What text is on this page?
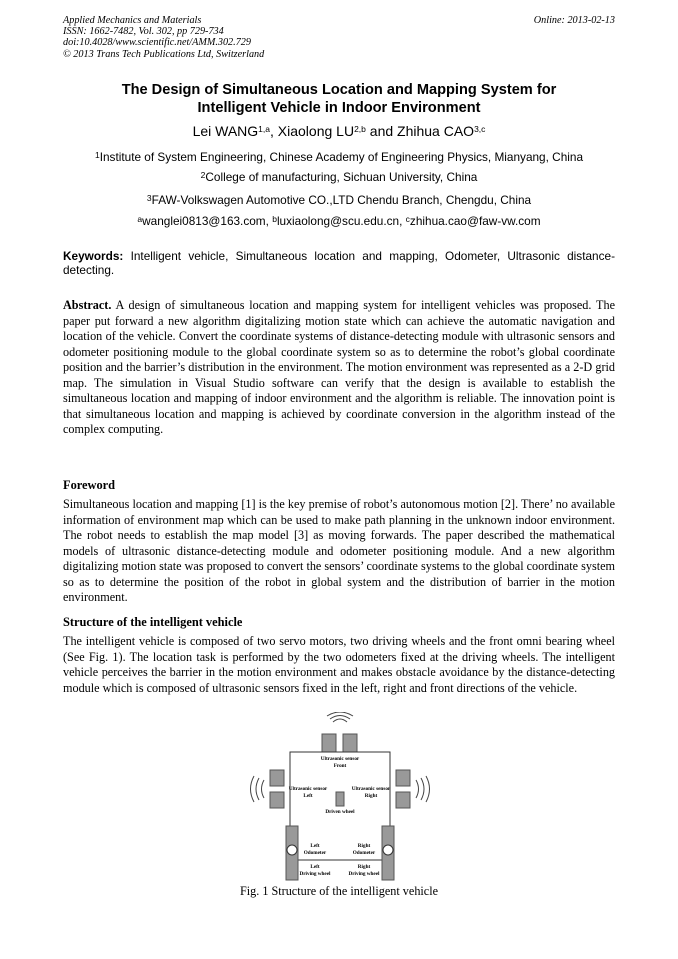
Applied Mechanics and Materials
ISSN: 1662-7482, Vol. 302, pp 729-734
doi:10.4028/www.scientific.net/AMM.302.729
© 2013 Trans Tech Publications Ltd, Switzerland
Online: 2013-02-13
The Design of Simultaneous Location and Mapping System for
Intelligent Vehicle in Indoor Environment
Lei WANG$^{1,a}$, Xiaolong LU$^{2,b}$ and Zhihua CAO$^{3,c}$
$^1$Institute of System Engineering, Chinese Academy of Engineering Physics, Mianyang, China
$^2$College of manufacturing, Sichuan University, China
$^3$FAW-Volkswagen Automotive CO.,LTD Chendu Branch, Chengdu, China
$^a$wanglei0813@163.com, $^b$luxiaolong@scu.edu.cn, $^c$zhihua.cao@faw-vw.com
Keywords: Intelligent vehicle, Simultaneous location and mapping, Odometer, Ultrasonic distance-detecting.
Abstract. A design of simultaneous location and mapping system for intelligent vehicles was proposed. The paper put forward a new algorithm digitalizing motion state which can achieve the automatic navigation and location of the vehicle. Convert the coordinate systems of distance-detecting module with ultrasonic sensors and odometer positioning module to the global coordinate system so as to determine the robot’s global coordinate position and the barrier’s distribution in the environment. The motion environment was represented as a 2-D grid map. The simulation in Visual Studio software can verify that the design is available to establish the simultaneous location and mapping of indoor environment and the algorithm is reliable. The innovation point is that simultaneous location and mapping is achieved by coordinate conversion in the algorithm instead of the complex computing.
Foreword
Simultaneous location and mapping [1] is the key premise of robot’s autonomous motion [2]. There’ no available information of environment map which can be used to make path planning in the unknown indoor environment. The robot needs to establish the map model [3] as moving forwards. The paper described the mathematical models of ultrasonic distance-detecting module and odometer positioning module. And a new algorithm digitalizing motion state was proposed to convert the sensors’ coordinate systems to the global coordinate system so as to determine the position of the robot in global system and the distribution of barrier in the motion environment.
Structure of the intelligent vehicle
The intelligent vehicle is composed of two servo motors, two driving wheels and the front omni bearing wheel (See Fig. 1). The location task is performed by the two odometers fixed at the driving wheels. The intelligent vehicle perceives the barrier in the motion environment and makes obstacle avoidance by the distance-detecting module which is composed of ultrasonic sensors fixed in the left, right and front directions of the vehicle.
Ultrasonic sensor
Front
Ultrasonic sensor
Left
Ultrasonic sensor
Right
Driven wheel
Left
Odometer
Right
Odometer
Left
Driving wheel
Right
Driving wheel
Fig. 1 Structure of the intelligent vehicle
